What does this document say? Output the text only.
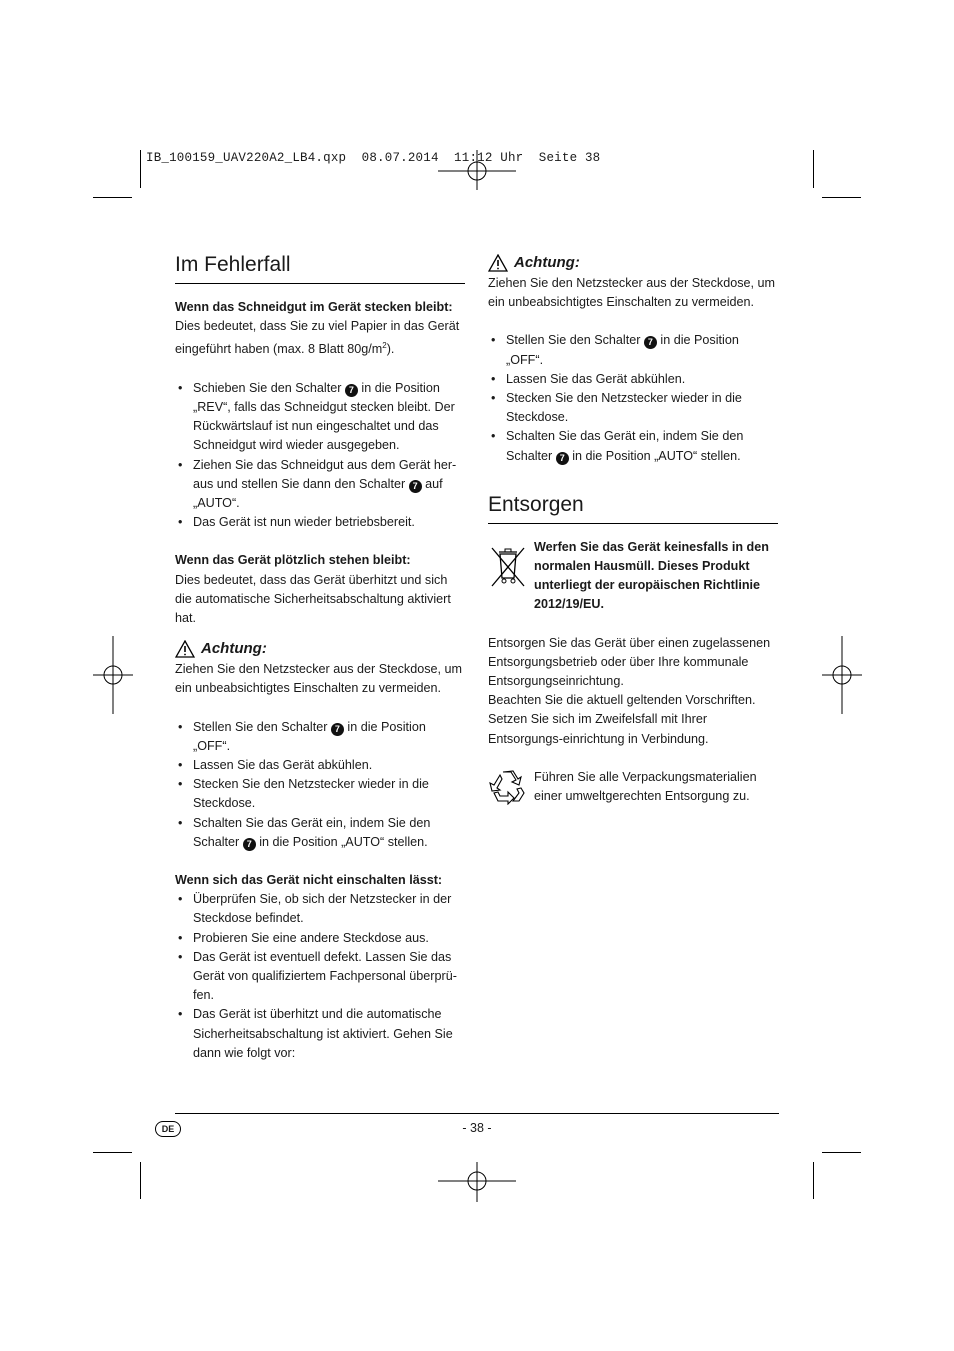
IB_100159_UAV220A2_LB4.qxp  08.07.2014  11:12 Uhr  Seite 38
Im Fehlerfall

Wenn das Schneidgut im Gerät stecken bleibt:

Dies bedeutet, dass Sie zu viel Papier in das Gerät eingeführt haben (max. 8 Blatt $80g/m^2$).

• Schieben Sie den Schalter 7 in die Position „REV“, falls das Schneidgut stecken bleibt. Der Rückwärtslauf ist nun eingeschaltet und das Schneidgut wird wieder ausgegeben.
• Ziehen Sie das Schneidgut aus dem Gerät her-aus und stellen Sie dann den Schalter 7 auf „AUTO“.
• Das Gerät ist nun wieder betriebsbereit.

Wenn das Gerät plötzlich stehen bleibt:

Dies bedeutet, dass das Gerät überhitzt und sich die automatische Sicherheitsabschaltung aktiviert hat.

Achtung:

Ziehen Sie den Netzstecker aus der Steckdose, um ein unbeabsichtigtes Einschalten zu vermeiden.

• Stellen Sie den Schalter 7 in die Position „OFF“.
• Lassen Sie das Gerät abkühlen.
• Stecken Sie den Netzstecker wieder in die Steckdose.
• Schalten Sie das Gerät ein, indem Sie den Schalter 7 in die Position „AUTO“ stellen.

Wenn sich das Gerät nicht einschalten lässt:

• Überprüfen Sie, ob sich der Netzstecker in der Steckdose befindet.
• Probieren Sie eine andere Steckdose aus.
• Das Gerät ist eventuell defekt. Lassen Sie das Gerät von qualifiziertem Fachpersonal überprü-fen.
• Das Gerät ist überhitzt und die automatische Sicherheitsabschaltung ist aktiviert. Gehen Sie dann wie folgt vor:
Achtung:

Ziehen Sie den Netzstecker aus der Steckdose, um ein unbeabsichtigtes Einschalten zu vermeiden.

• Stellen Sie den Schalter 7 in die Position „OFF“.
• Lassen Sie das Gerät abkühlen.
• Stecken Sie den Netzstecker wieder in die Steckdose.
• Schalten Sie das Gerät ein, indem Sie den Schalter 7 in die Position „AUTO“ stellen.
Entsorgen

Werfen Sie das Gerät keinesfalls in den normalen Hausmüll. Dieses Produkt unterliegt der europäischen Richtlinie 2012/19/EU.

Entsorgen Sie das Gerät über einen zugelassenen Entsorgungsbetrieb oder über Ihre kommunale Entsorgungseinrichtung.

Beachten Sie die aktuell geltenden Vorschriften. Setzen Sie sich im Zweifelsfall mit Ihrer Entsorgungs-einrichtung in Verbindung.

Führen Sie alle Verpackungsmaterialien einer umweltgerechten Entsorgung zu.

DE	- 38 -
